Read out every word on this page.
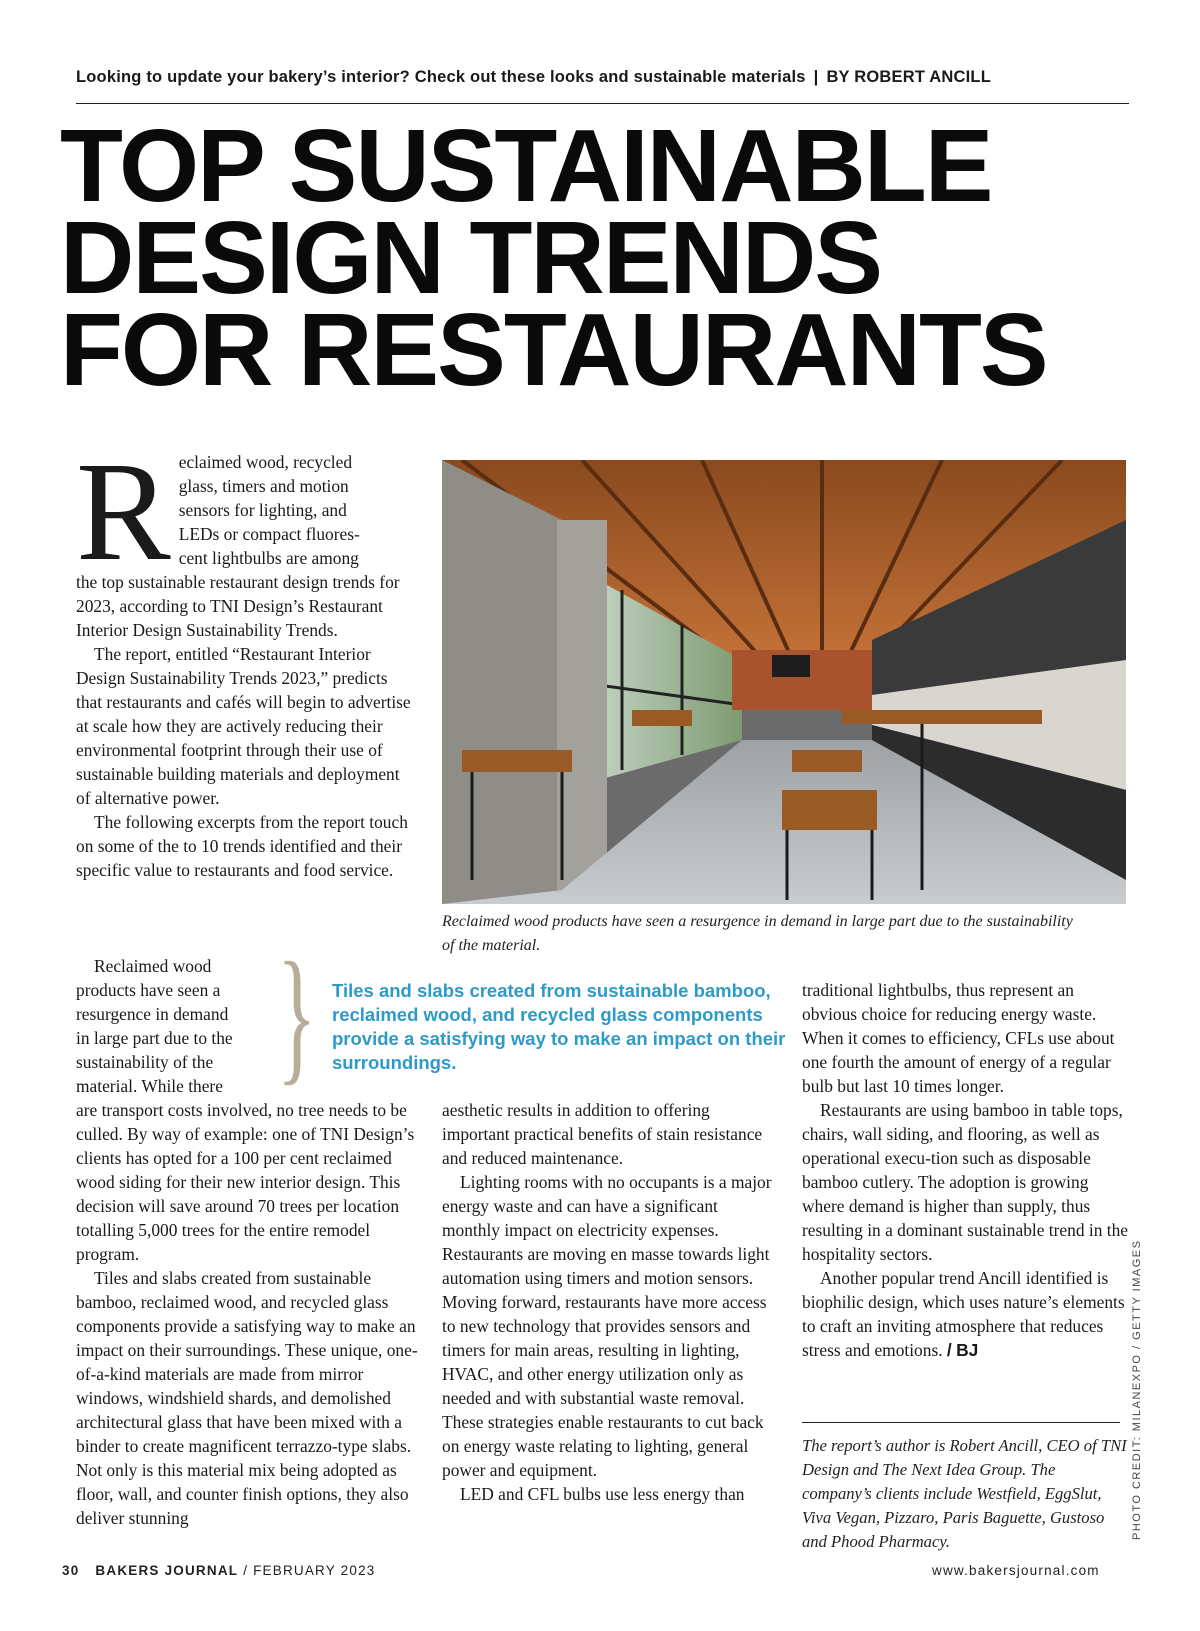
Looking to update your bakery’s interior? Check out these looks and sustainable materials | BY ROBERT ANCILL
TOP SUSTAINABLE
DESIGN TRENDS
FOR RESTAURANTS

R eclaimed wood, recycled
glass, timers and motion
sensors for lighting, and
LEDs or compact fluores-
cent lightbulbs are among
the top sustainable restaurant design trends for 2023, according to TNI Design’s Restaurant Interior Design Sustainability Trends.

The report, entitled “Restaurant Interior Design Sustainability Trends 2023,” predicts that restaurants and cafés will begin to advertise at scale how they are actively reducing their environmental footprint through their use of sustainable building materials and deployment of alternative power.

The following excerpts from the report touch on some of the to 10 trends identified and their specific value to restaurants and food service.

Reclaimed wood
products have seen a
resurgence in demand
in large part due to the
sustainability of the
material. While there

are transport costs involved, no tree needs to be culled. By way of example: one of TNI Design’s clients has opted for a 100 per cent reclaimed wood siding for their new interior design. This decision will save around 70 trees per location totalling 5,000 trees for the entire remodel program.

Tiles and slabs created from sustainable bamboo, reclaimed wood, and recycled glass components provide a satisfying way to make an impact on their surroundings. These unique, one-of-a-kind materials are made from mirror windows, windshield shards, and demolished architectural glass that have been mixed with a binder to create magnificent terrazzo-type slabs. Not only is this material mix being adopted as floor, wall, and counter finish options, they also deliver stunning

Reclaimed wood products have seen a resurgence in demand in large part due to the sustainability of the material.
} Tiles and slabs created from sustainable bamboo, reclaimed wood, and recycled glass components provide a satisfying way to make an impact on their surroundings.

aesthetic results in addition to offering important practical benefits of stain resistance and reduced maintenance.

Lighting rooms with no occupants is a major energy waste and can have a significant monthly impact on electricity expenses. Restaurants are moving en masse towards light automation using timers and motion sensors. Moving forward, restaurants have more access to new technology that provides sensors and timers for main areas, resulting in lighting, HVAC, and other energy utilization only as needed and with substantial waste removal. These strategies enable restaurants to cut back on energy waste relating to lighting, general power and equipment.

LED and CFL bulbs use less energy than

traditional lightbulbs, thus represent an obvious choice for reducing energy waste. When it comes to efficiency, CFLs use about one fourth the amount of energy of a regular bulb but last 10 times longer.

Restaurants are using bamboo in table tops, chairs, wall siding, and flooring, as well as operational execu-tion such as disposable bamboo cutlery. The adoption is growing where demand is higher than supply, thus resulting in a dominant sustainable trend in the hospitality sectors.

Another popular trend Ancill identified is biophilic design, which uses nature’s elements to craft an inviting atmosphere that reduces stress and emotions. / BJ

The report’s author is Robert Ancill, CEO of TNI Design and The Next Idea Group. The company’s clients include Westfield, EggSlut, Viva Vegan, Pizzaro, Paris Baguette, Gustoso and Phood Pharmacy.
PHOTO CREDIT: MILANEXPO / GETTY IMAGES
30 BAKERS JOURNAL / FEBRUARY 2023	www.bakersjournal.com
